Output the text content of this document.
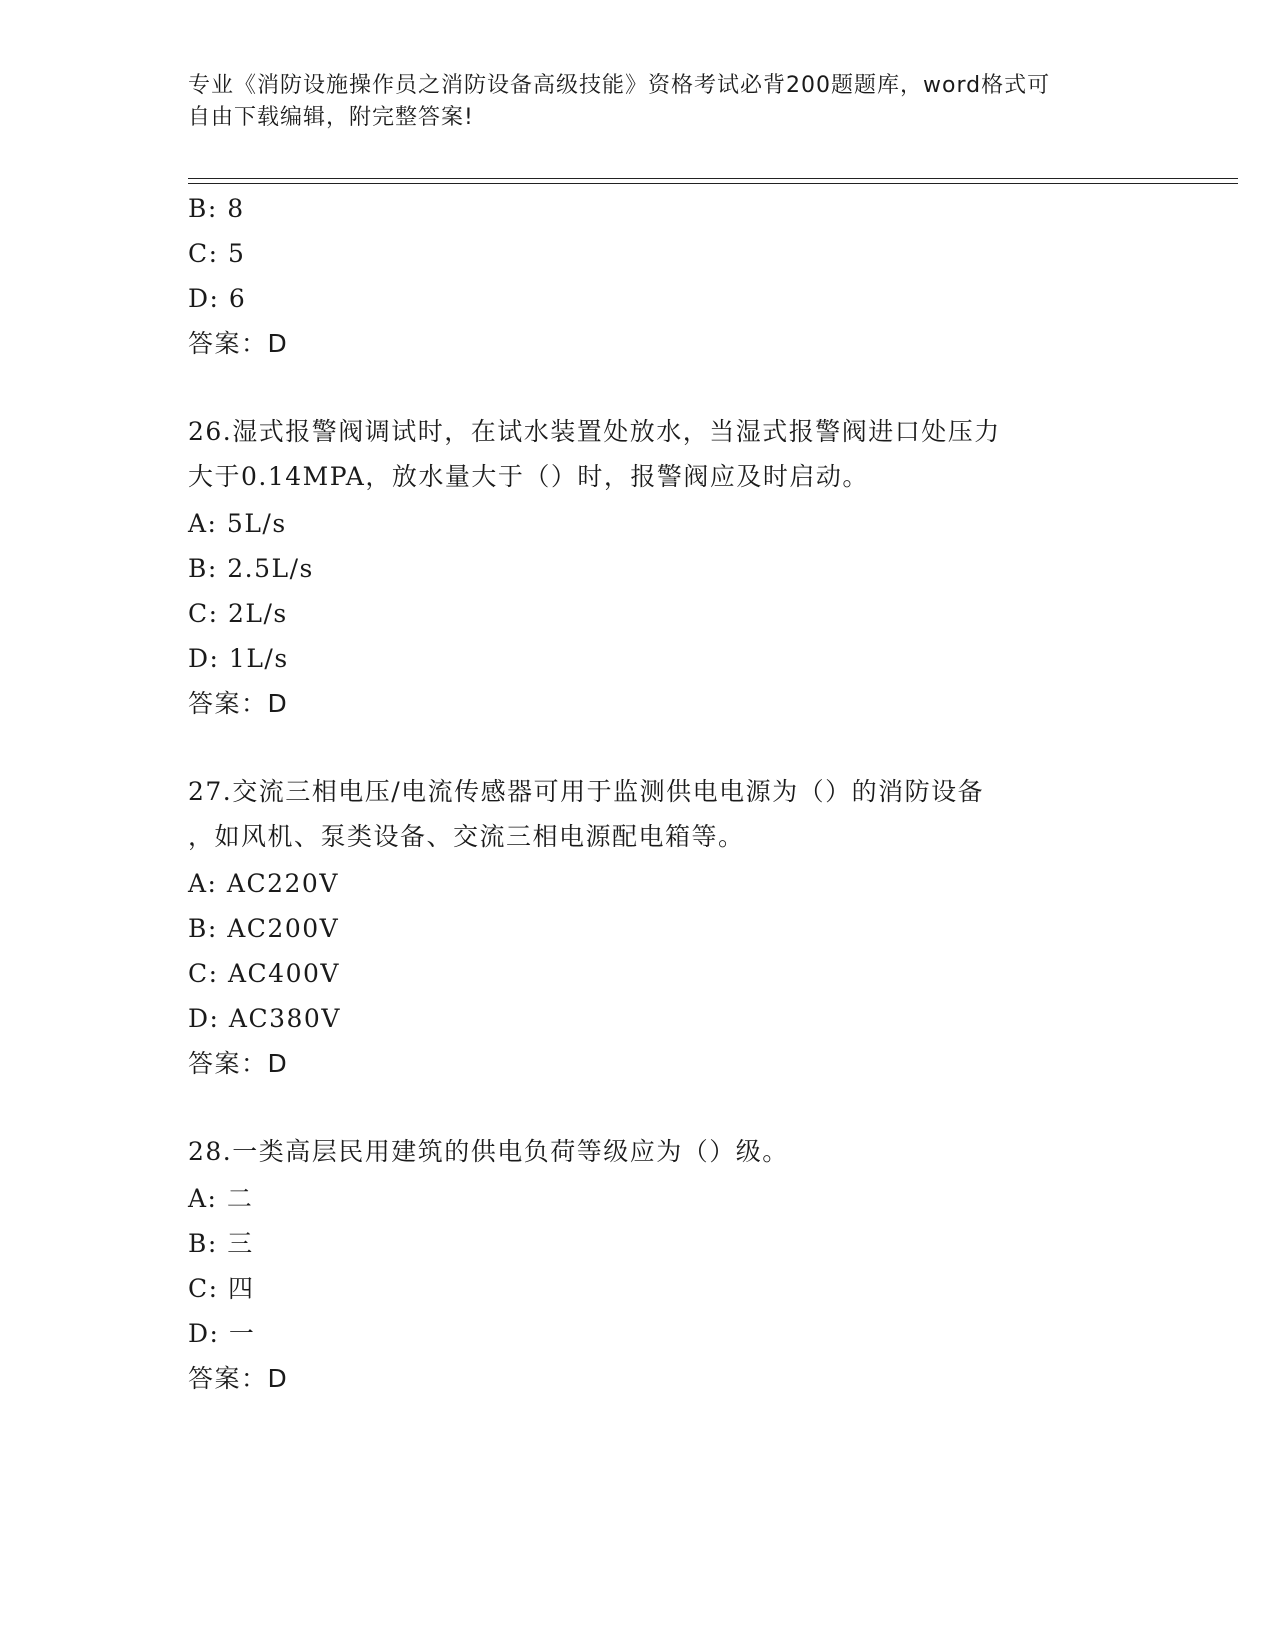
专业《消防设施操作员之消防设备高级技能》资格考试必背200题题库，word格式可自由下载编辑，附完整答案!
B: 8
C: 5
D: 6
答案：D
26.湿式报警阀调试时，在试水装置处放水，当湿式报警阀进口处压力
大于0.14MPA，放水量大于（）时，报警阀应及时启动。
A: 5L/s
B: 2.5L/s
C: 2L/s
D: 1L/s
答案：D
27.交流三相电压/电流传感器可用于监测供电电源为（）的消防设备
，如风机、泵类设备、交流三相电源配电箱等。
A: AC220V
B: AC200V
C: AC400V
D: AC380V
答案：D
28.一类高层民用建筑的供电负荷等级应为（）级。
A: 二
B: 三
C: 四
D: 一
答案：D
